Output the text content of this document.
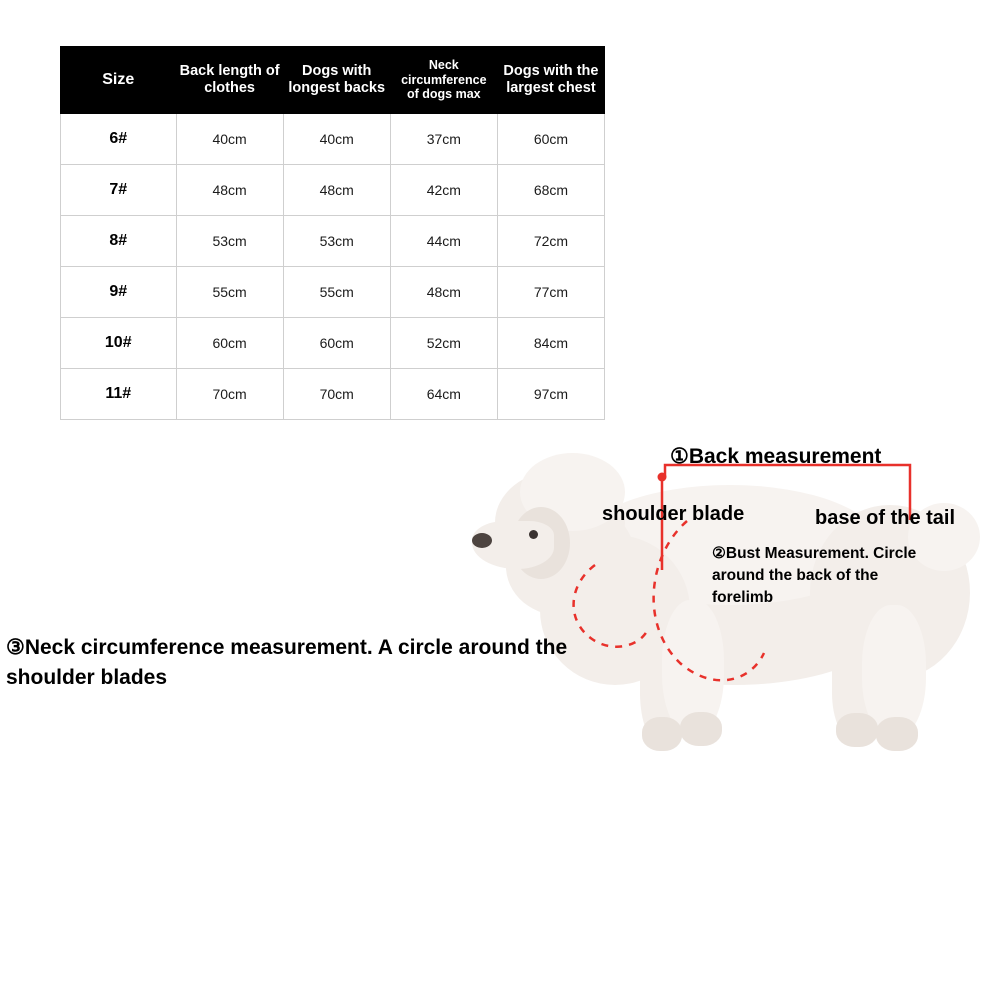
Size	Back length of clothes	Dogs with longest backs	Neck circumference of dogs max	Dogs with the largest chest
6#	40cm	40cm	37cm	60cm
7#	48cm	48cm	42cm	68cm
8#	53cm	53cm	44cm	72cm
9#	55cm	55cm	48cm	77cm
10#	60cm	60cm	52cm	84cm
11#	70cm	70cm	64cm	97cm
①Back measurement
shoulder blade	base of the tail
②Bust Measurement. Circle around the back of the forelimb
③Neck circumference measurement. A circle around the shoulder blades
